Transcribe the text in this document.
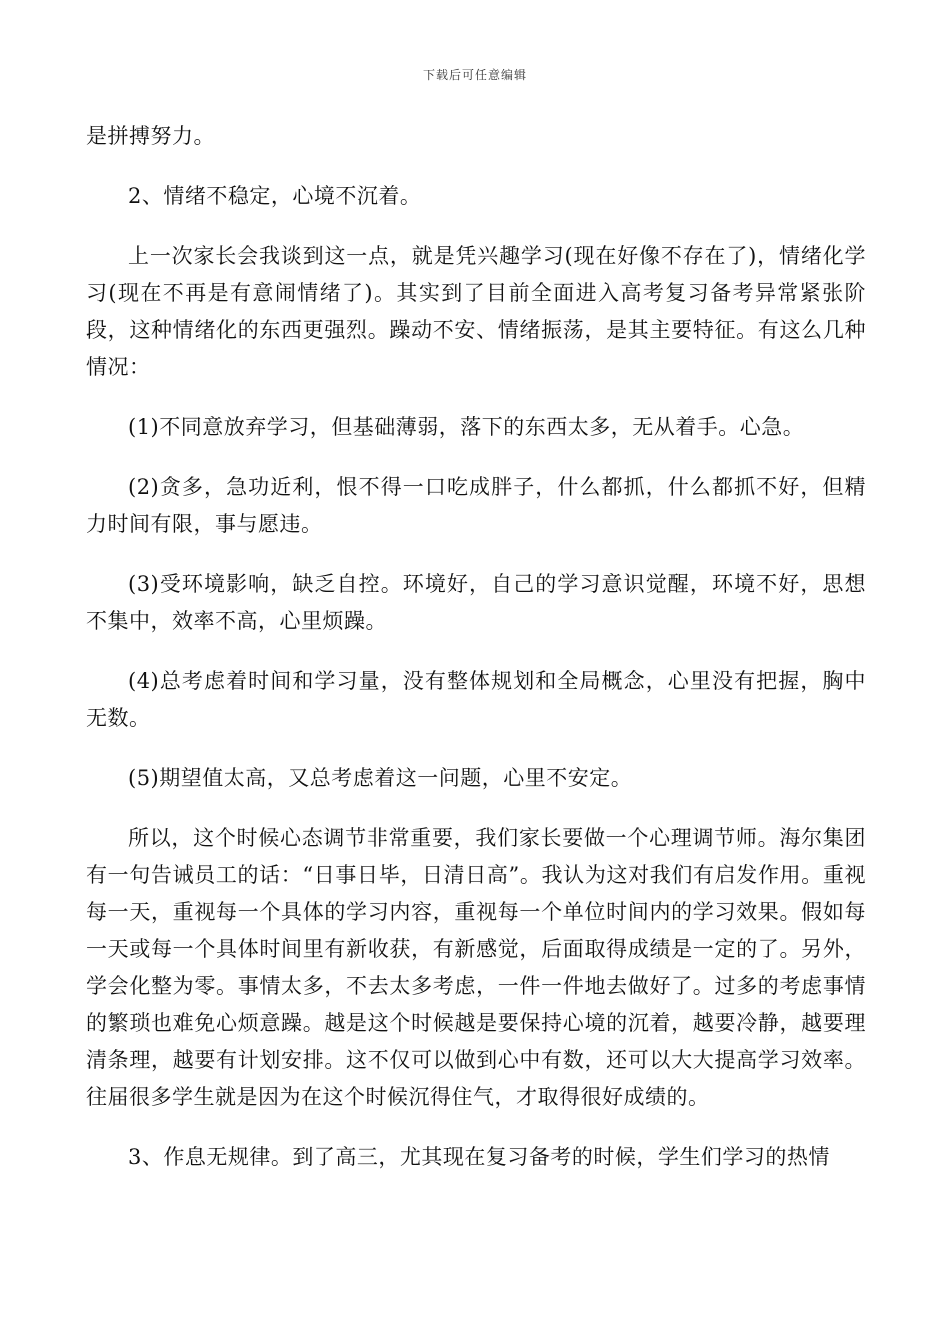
下载后可任意编辑

是拼搏努力。

2、情绪不稳定，心境不沉着。

上一次家长会我谈到这一点，就是凭兴趣学习(现在好像不存在了)，情绪化学习(现在不再是有意闹情绪了)。其实到了目前全面进入高考复习备考异常紧张阶段，这种情绪化的东西更强烈。躁动不安、情绪振荡，是其主要特征。有这么几种情况：

(1)不同意放弃学习，但基础薄弱，落下的东西太多，无从着手。心急。

(2)贪多，急功近利，恨不得一口吃成胖子，什么都抓，什么都抓不好，但精力时间有限，事与愿违。

(3)受环境影响，缺乏自控。环境好，自己的学习意识觉醒，环境不好，思想不集中，效率不高，心里烦躁。

(4)总考虑着时间和学习量，没有整体规划和全局概念，心里没有把握，胸中无数。

(5)期望值太高，又总考虑着这一问题，心里不安定。

所以，这个时候心态调节非常重要，我们家长要做一个心理调节师。海尔集团有一句告诫员工的话：“日事日毕，日清日高”。我认为这对我们有启发作用。重视每一天，重视每一个具体的学习内容，重视每一个单位时间内的学习效果。假如每一天或每一个具体时间里有新收获，有新感觉，后面取得成绩是一定的了。另外，学会化整为零。事情太多，不去太多考虑，一件一件地去做好了。过多的考虑事情的繁琐也难免心烦意躁。越是这个时候越是要保持心境的沉着，越要冷静，越要理清条理，越要有计划安排。这不仅可以做到心中有数，还可以大大提高学习效率。往届很多学生就是因为在这个时候沉得住气，才取得很好成绩的。

3、作息无规律。到了高三，尤其现在复习备考的时候，学生们学习的热情
